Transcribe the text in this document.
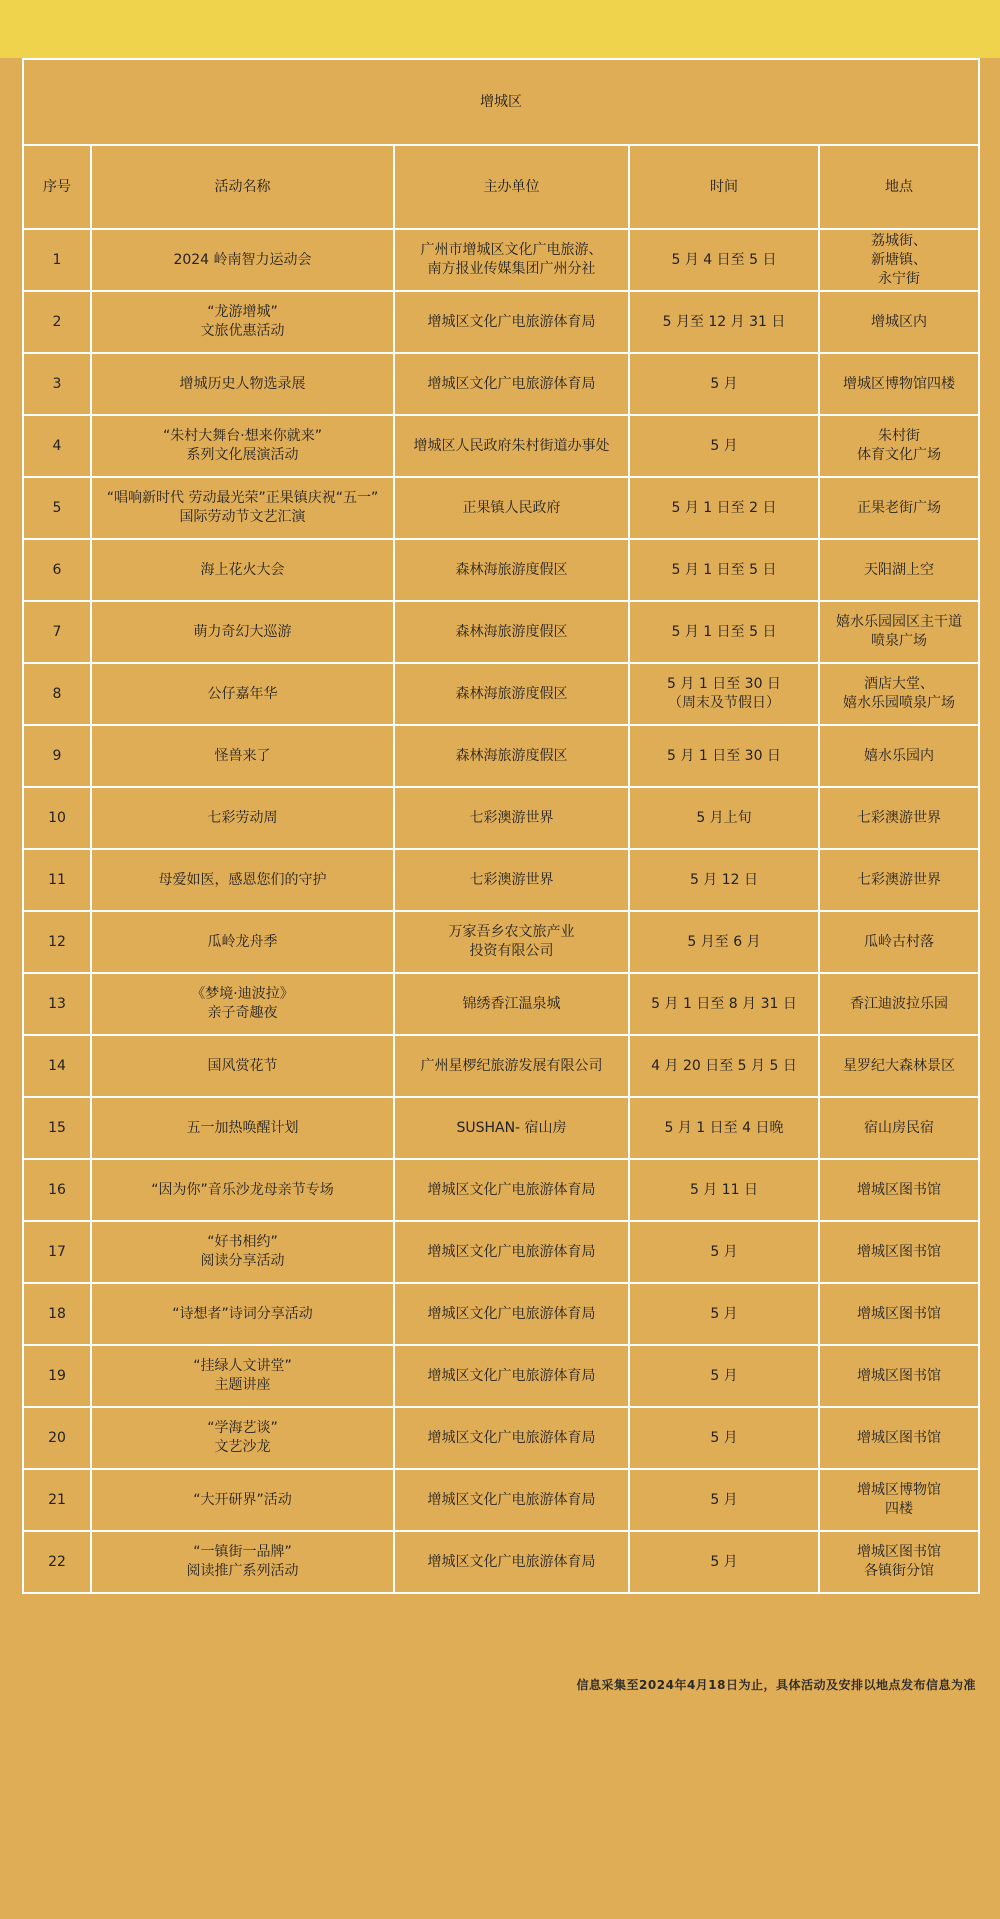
增城区				
序号	活动名称	主办单位	时间	地点
1	2024 岭南智力运动会	广州市增城区文化广电旅游、
南方报业传媒集团广州分社	5 月 4 日至 5 日	荔城街、
新塘镇、
永宁街

2	“龙游增城”
文旅优惠活动	增城区文化广电旅游体育局	5 月至 12 月 31 日	增城区内

3	增城历史人物选录展	增城区文化广电旅游体育局	5 月	增城区博物馆四楼

4	“朱村大舞台·想来你就来”
系列文化展演活动	增城区人民政府朱村街道办事处	5 月	朱村街
体育文化广场

5	“唱响新时代 劳动最光荣”正果镇庆祝“五一”
国际劳动节文艺汇演	正果镇人民政府	5 月 1 日至 2 日	正果老街广场

6	海上花火大会	森林海旅游度假区	5 月 1 日至 5 日	天阳湖上空

7	萌力奇幻大巡游	森林海旅游度假区	5 月 1 日至 5 日	嬉水乐园园区主干道
喷泉广场

8	公仔嘉年华	森林海旅游度假区	5 月 1 日至 30 日
（周末及节假日）	酒店大堂、
嬉水乐园喷泉广场

9	怪兽来了	森林海旅游度假区	5 月 1 日至 30 日	嬉水乐园内

10	七彩劳动周	七彩澳游世界	5 月上旬	七彩澳游世界

11	母爱如医，感恩您们的守护	七彩澳游世界	5 月 12 日	七彩澳游世界

12	瓜岭龙舟季	万家吾乡农文旅产业
投资有限公司	5 月至 6 月	瓜岭古村落

13	《梦境·迪波拉》
亲子奇趣夜	锦绣香江温泉城	5 月 1 日至 8 月 31 日	香江迪波拉乐园

14	国风赏花节	广州星椤纪旅游发展有限公司	4 月 20 日至 5 月 5 日	星罗纪大森林景区

15	五一加热唤醒计划	SUSHAN- 宿山房	5 月 1 日至 4 日晚	宿山房民宿

16	“因为你”音乐沙龙母亲节专场	增城区文化广电旅游体育局	5 月 11 日	增城区图书馆

17	“好书相约”
阅读分享活动	增城区文化广电旅游体育局	5 月	增城区图书馆

18	“诗想者”诗词分享活动	增城区文化广电旅游体育局	5 月	增城区图书馆

19	“挂绿人文讲堂”
主题讲座	增城区文化广电旅游体育局	5 月	增城区图书馆

20	“学海艺谈”
文艺沙龙	增城区文化广电旅游体育局	5 月	增城区图书馆

21	“大开研界”活动	增城区文化广电旅游体育局	5 月	增城区博物馆
四楼

22	“一镇街一品牌”
阅读推广系列活动	增城区文化广电旅游体育局	5 月	增城区图书馆
各镇街分馆
信息采集至2024年4月18日为止，具体活动及安排以地点发布信息为准
